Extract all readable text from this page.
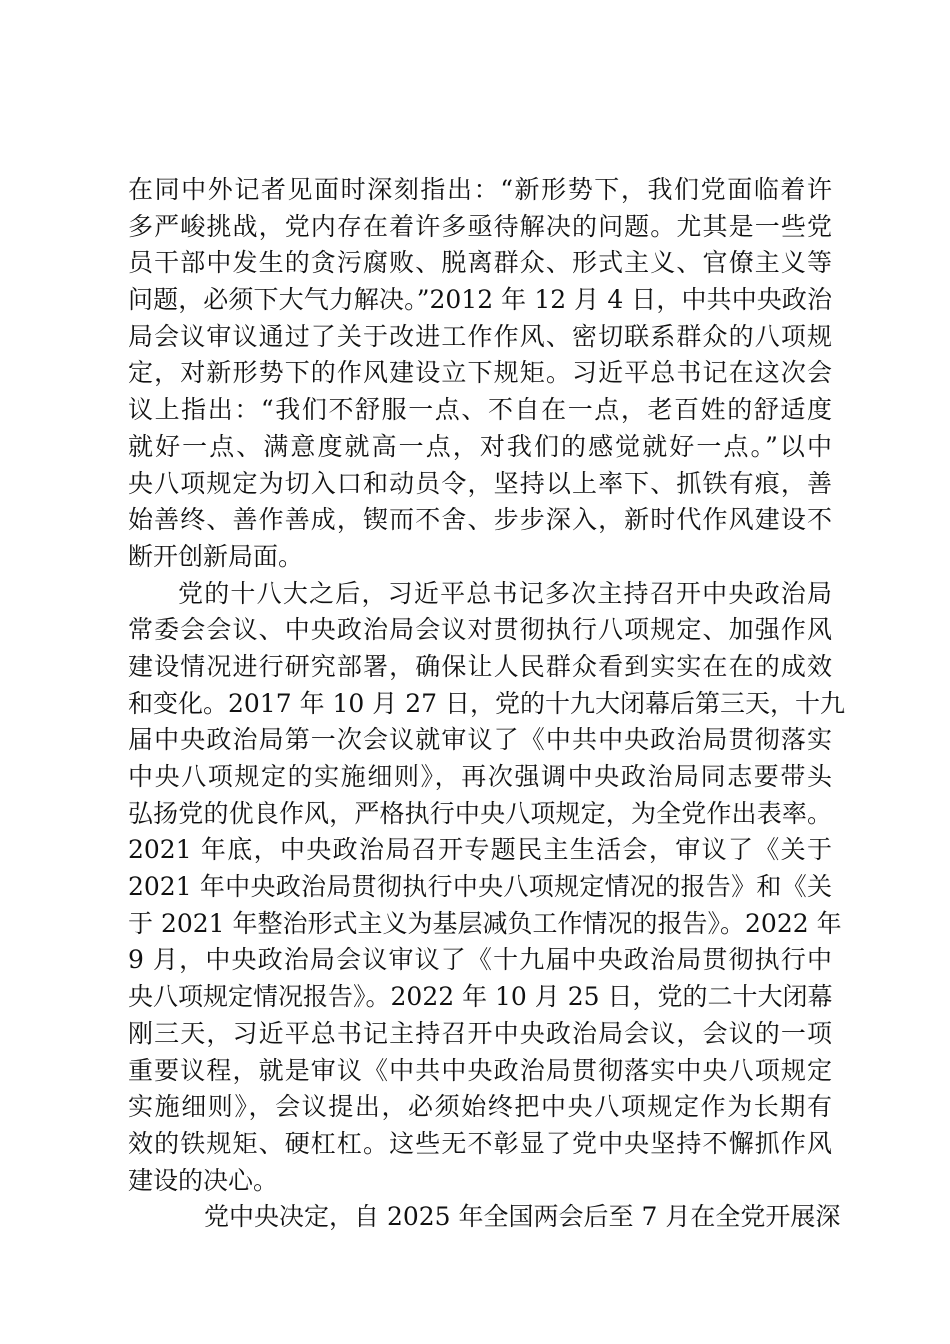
在同中外记者见面时深刻指出：“新形势下，我们党面临着许
多严峻挑战，党内存在着许多亟待解决的问题。尤其是一些党
员干部中发生的贪污腐败、脱离群众、形式主义、官僚主义等
问题，必须下大气力解决。”2012 年 12 月 4 日，中共中央政治
局会议审议通过了关于改进工作作风、密切联系群众的八项规
定，对新形势下的作风建设立下规矩。习近平总书记在这次会
议上指出：“我们不舒服一点、不自在一点，老百姓的舒适度
就好一点、满意度就高一点，对我们的感觉就好一点。”以中
央八项规定为切入口和动员令，坚持以上率下、抓铁有痕，善
始善终、善作善成，锲而不舍、步步深入，新时代作风建设不
断开创新局面。
党的十八大之后，习近平总书记多次主持召开中央政治局
常委会会议、中央政治局会议对贯彻执行八项规定、加强作风
建设情况进行研究部署，确保让人民群众看到实实在在的成效
和变化。2017 年 10 月 27 日，党的十九大闭幕后第三天，十九
届中央政治局第一次会议就审议了《中共中央政治局贯彻落实
中央八项规定的实施细则》，再次强调中央政治局同志要带头
弘扬党的优良作风，严格执行中央八项规定，为全党作出表率。
2021 年底，中央政治局召开专题民主生活会，审议了《关于
2021 年中央政治局贯彻执行中央八项规定情况的报告》和《关
于 2021 年整治形式主义为基层减负工作情况的报告》。2022 年
9 月，中央政治局会议审议了《十九届中央政治局贯彻执行中
央八项规定情况报告》。2022 年 10 月 25 日，党的二十大闭幕
刚三天，习近平总书记主持召开中央政治局会议，会议的一项
重要议程，就是审议《中共中央政治局贯彻落实中央八项规定
实施细则》，会议提出，必须始终把中央八项规定作为长期有
效的铁规矩、硬杠杠。这些无不彰显了党中央坚持不懈抓作风
建设的决心。
党中央决定，自 2025 年全国两会后至 7 月在全党开展深
